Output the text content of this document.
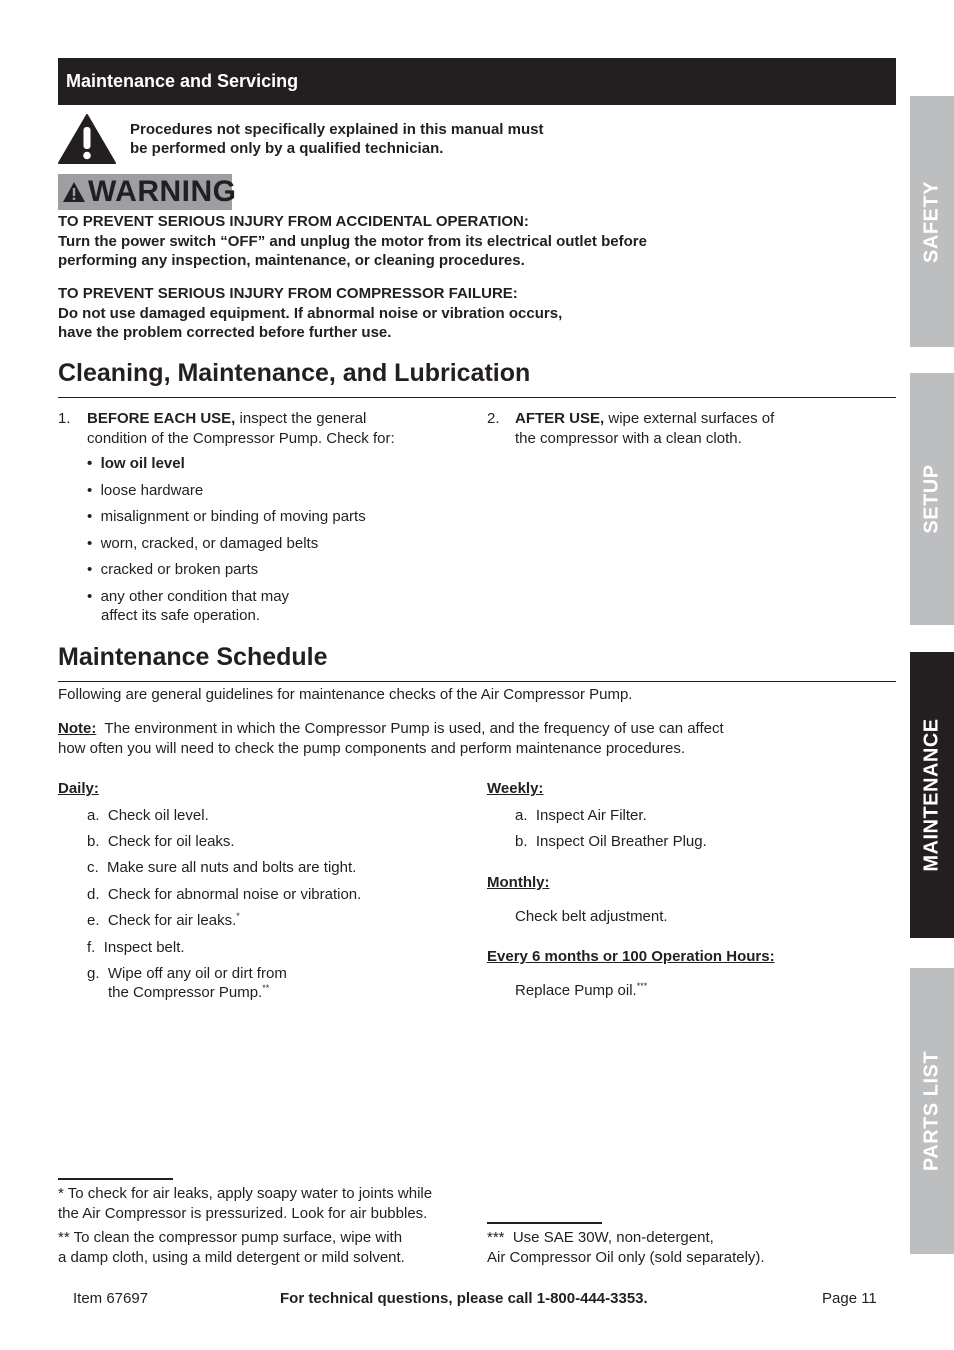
Maintenance and Servicing
Procedures not specifically explained in this manual must
be performed only by a qualified technician.
WARNING
TO PREVENT SERIOUS INJURY FROM ACCIDENTAL OPERATION:
Turn the power switch “OFF” and unplug the motor from its electrical outlet before
performing any inspection, maintenance, or cleaning procedures.
TO PREVENT SERIOUS INJURY FROM COMPRESSOR FAILURE:
Do not use damaged equipment. If abnormal noise or vibration occurs,
have the problem corrected before further use.
Cleaning, Maintenance, and Lubrication
1. BEFORE EACH USE, inspect the general
condition of the Compressor Pump. Check for:
•  low oil level
•  loose hardware
•  misalignment or binding of moving parts
•  worn, cracked, or damaged belts
•  cracked or broken parts
•  any other condition that may
affect its safe operation.
2. AFTER USE, wipe external surfaces of
the compressor with a clean cloth.
Maintenance Schedule
Following are general guidelines for maintenance checks of the Air Compressor Pump.
Note:  The environment in which the Compressor Pump is used, and the frequency of use can affect
how often you will need to check the pump components and perform maintenance procedures.
Daily:
a. Check oil level.
b. Check for oil leaks.
c. Make sure all nuts and bolts are tight.
d. Check for abnormal noise or vibration.
e. Check for air leaks.*
f. Inspect belt.
g. Wipe off any oil or dirt from
the Compressor Pump.**
Weekly:
a. Inspect Air Filter.
b. Inspect Oil Breather Plug.
Monthly:
Check belt adjustment.
Every 6 months or 100 Operation Hours:
Replace Pump oil.***
* To check for air leaks, apply soapy water to joints while
the Air Compressor is pressurized. Look for air bubbles.
** To clean the compressor pump surface, wipe with
a damp cloth, using a mild detergent or mild solvent.
***  Use SAE 30W, non-detergent,
Air Compressor Oil only (sold separately).
Item 67697	For technical questions, please call 1-800-444-3353.	Page 11
SAFETY
SETUP
MAINTENANCE
PARTS LIST
